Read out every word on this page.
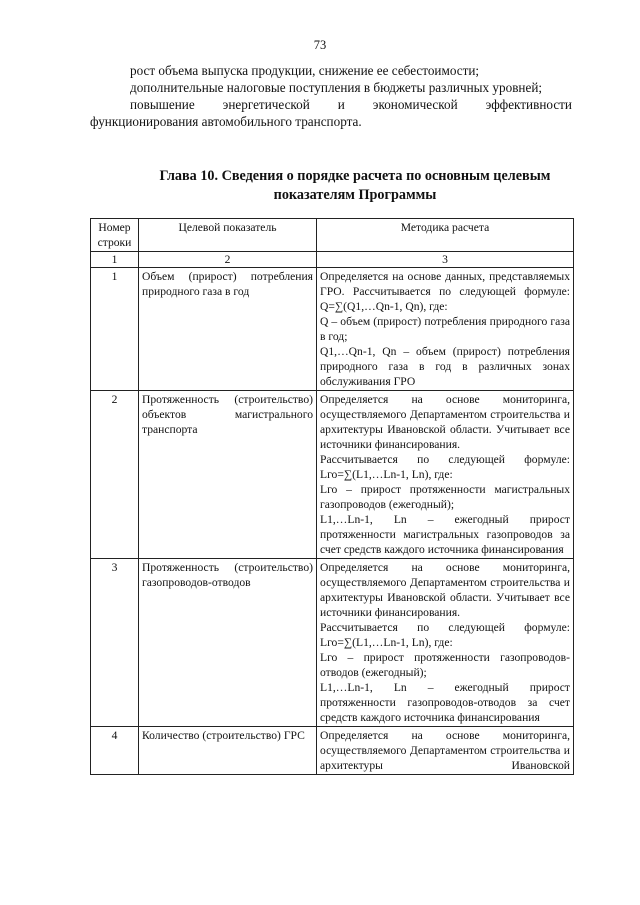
73

рост объема выпуска продукции, снижение ее себестоимости;

дополнительные налоговые поступления в бюджеты различных уровней;

повышение энергетической и экономической эффективности функционирования автомобильного транспорта.

Глава 10. Сведения о порядке расчета по основным целевым показателям Программы
Номер строки	Целевой показатель	Методика расчета
1	2	3
1	Объем (прирост) потребления природного газа в год	Определяется на основе данных, представляемых ГРО. Рассчитывается по следующей формуле: Q=∑(Q1,…Qn-1, Qn), где:
Q – объем (прирост) потребления природного газа в год;
Q1,…Qn-1, Qn – объем (прирост) потребления природного газа в год в различных зонах обслуживания ГРО

2	Протяженность (строительство) объектов магистрального транспорта	Определяется на основе мониторинга, осуществляемого Департаментом строительства и архитектуры Ивановской области. Учитывает все источники финансирования.
Рассчитывается по следующей формуле: Lго=∑(L1,…Ln-1, Ln), где:
Lго – прирост протяженности магистральных газопроводов (ежегодный);
L1,…Ln-1, Ln – ежегодный прирост протяженности магистральных газопроводов за счет средств каждого источника финансирования

3	Протяженность (строительство) газопроводов-отводов	Определяется на основе мониторинга, осуществляемого Департаментом строительства и архитектуры Ивановской области. Учитывает все источники финансирования.
Рассчитывается по следующей формуле: Lго=∑(L1,…Ln-1, Ln), где:
Lго – прирост протяженности газопроводов-отводов (ежегодный);
L1,…Ln-1, Ln – ежегодный прирост протяженности газопроводов-отводов за счет средств каждого источника финансирования

4	Количество (строительство) ГРС	Определяется на основе мониторинга, осуществляемого Департаментом строительства и архитектуры Ивановской
